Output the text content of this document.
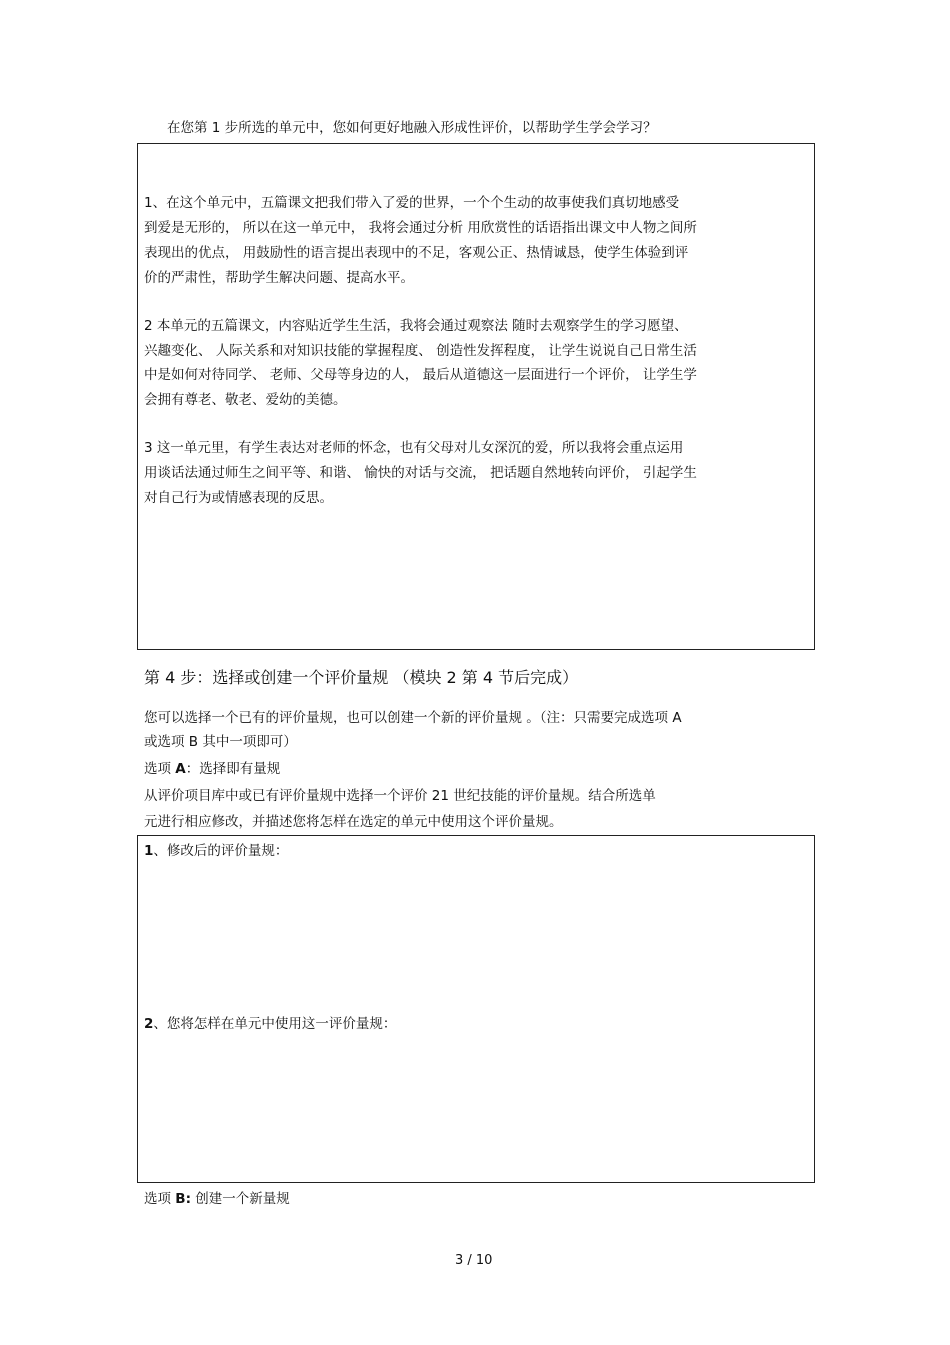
在您第 1 步所选的单元中，您如何更好地融入形成性评价，以帮助学生学会学习？
1、在这个单元中，五篇课文把我们带入了爱的世界，一个个生动的故事使我们真切地感受
到爱是无形的， 所以在这一单元中， 我将会通过分析 用欣赏性的话语指出课文中人物之间所
表现出的优点， 用鼓励性的语言提出表现中的不足，客观公正、热情诚恳，使学生体验到评
价的严肃性，帮助学生解决问题、提高水平。
2 本单元的五篇课文，内容贴近学生生活，我将会通过观察法 随时去观察学生的学习愿望、
兴趣变化、 人际关系和对知识技能的掌握程度、 创造性发挥程度， 让学生说说自己日常生活
中是如何对待同学、 老师、父母等身边的人， 最后从道德这一层面进行一个评价， 让学生学
会拥有尊老、敬老、爱幼的美德。
3 这一单元里，有学生表达对老师的怀念，也有父母对儿女深沉的爱，所以我将会重点运用
用谈话法通过师生之间平等、和谐、 愉快的对话与交流， 把话题自然地转向评价， 引起学生
对自己行为或情感表现的反思。
第 4 步：选择或创建一个评价量规 （模块 2 第 4 节后完成）
您可以选择一个已有的评价量规，也可以创建一个新的评价量规 。（注：只需要完成选项 A
或选项 B 其中一项即可）
选项 A：选择即有量规
从评价项目库中或已有评价量规中选择一个评价 21 世纪技能的评价量规。结合所选单
元进行相应修改，并描述您将怎样在选定的单元中使用这个评价量规。
1、修改后的评价量规：
2、您将怎样在单元中使用这一评价量规：
选项 B: 创建一个新量规
3 / 10
